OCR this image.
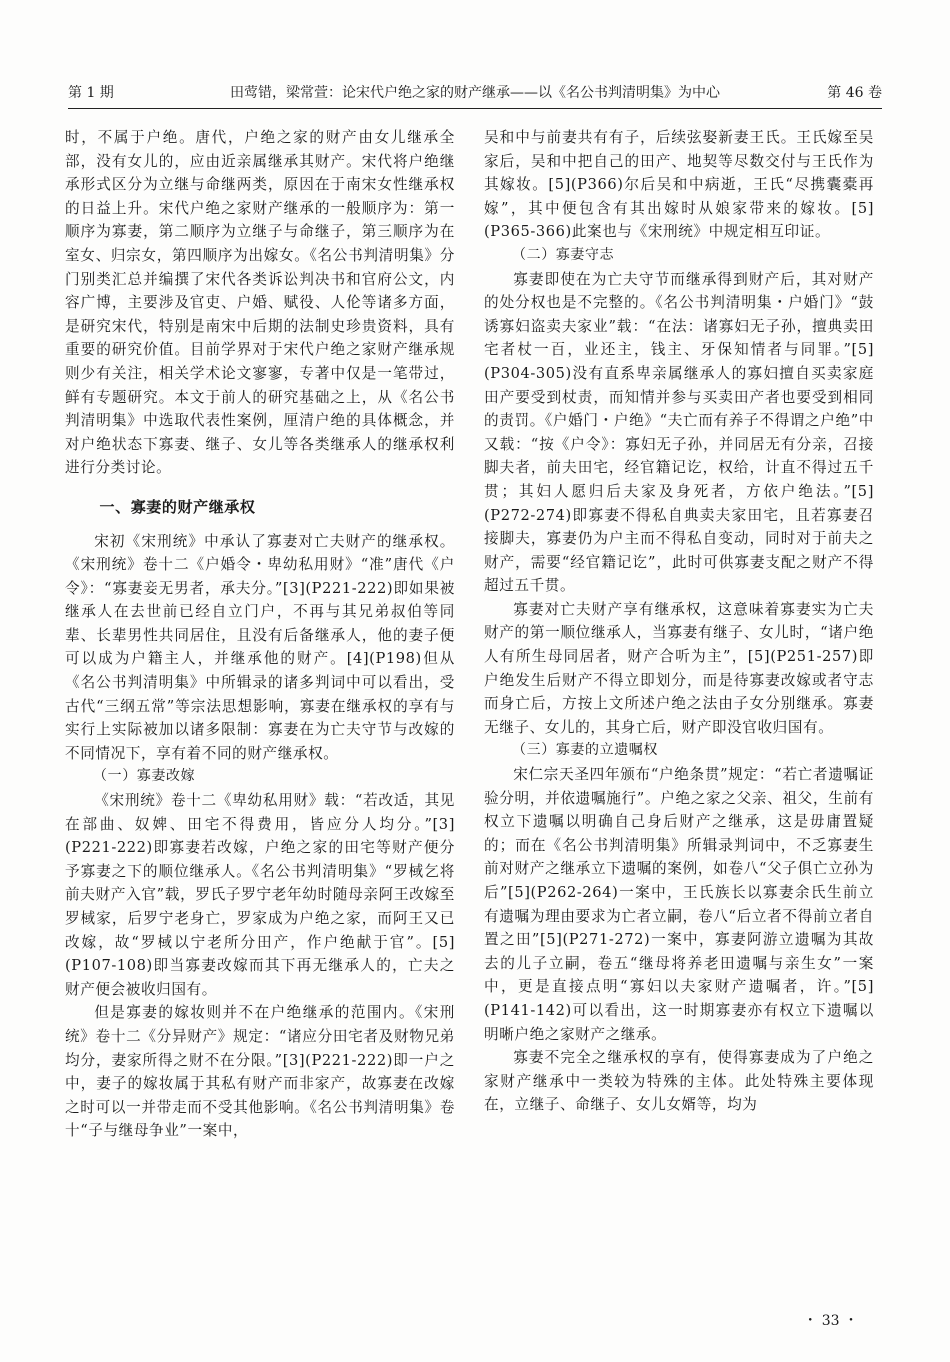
第 1 期	田莺错，梁常萱：论宋代户绝之家的财产继承——以《名公书判清明集》为中心	第 46 卷

时，不属于户绝。唐代，户绝之家的财产由女儿继承全部，没有女儿的，应由近亲属继承其财产。宋代将户绝继承形式区分为立继与命继两类，原因在于南宋女性继承权的日益上升。宋代户绝之家财产继承的一般顺序为：第一顺序为寡妻，第二顺序为立继子与命继子，第三顺序为在室女、归宗女，第四顺序为出嫁女。《名公书判清明集》分门别类汇总并编撰了宋代各类诉讼判决书和官府公文，内容广博，主要涉及官吏、户婚、赋役、人伦等诸多方面，是研究宋代，特别是南宋中后期的法制史珍贵资料，具有重要的研究价值。目前学界对于宋代户绝之家财产继承规则少有关注，相关学术论文寥寥，专著中仅是一笔带过，鲜有专题研究。本文于前人的研究基础之上，从《名公书判清明集》中选取代表性案例，厘清户绝的具体概念，并对户绝状态下寡妻、继子、女儿等各类继承人的继承权利进行分类讨论。

一、寡妻的财产继承权

宋初《宋刑统》中承认了寡妻对亡夫财产的继承权。《宋刑统》卷十二《户婚令・卑幼私用财》“准”唐代《户令》：“寡妻妾无男者，承夫分。”[3](P221-222)即如果被继承人在去世前已经自立门户，不再与其兄弟叔伯等同辈、长辈男性共同居住，且没有后备继承人，他的妻子便可以成为户籍主人，并继承他的财产。[4](P198)但从《名公书判清明集》中所辑录的诸多判词中可以看出，受古代“三纲五常”等宗法思想影响，寡妻在继承权的享有与实行上实际被加以诸多限制：寡妻在为亡夫守节与改嫁的不同情况下，享有着不同的财产继承权。

（一）寡妻改嫁

《宋刑统》卷十二《卑幼私用财》载：“若改适，其见在部曲、奴婢、田宅不得费用，皆应分人均分。”[3](P221-222)即寡妻若改嫁，户绝之家的田宅等财产便分予寡妻之下的顺位继承人。《名公书判清明集》“罗棫乞将前夫财产入官”载，罗氏子罗宁老年幼时随母亲阿王改嫁至罗棫家，后罗宁老身亡，罗家成为户绝之家，而阿王又已改嫁，故“罗棫以宁老所分田产，作户绝献于官”。[5](P107-108)即当寡妻改嫁而其下再无继承人的，亡夫之财产便会被收归国有。

但是寡妻的嫁妆则并不在户绝继承的范围内。《宋刑统》卷十二《分异财产》规定：“诸应分田宅者及财物兄弟均分，妻家所得之财不在分限。”[3](P221-222)即一户之中，妻子的嫁妆属于其私有财产而非家产，故寡妻在改嫁之时可以一并带走而不受其他影响。《名公书判清明集》卷十“子与继母争业”一案中，

吴和中与前妻共有有子，后续弦娶新妻王氏。王氏嫁至吴家后，吴和中把自己的田产、地契等尽数交付与王氏作为其嫁妆。[5](P366)尔后吴和中病逝，王氏“尽携囊橐再嫁”，其中便包含有其出嫁时从娘家带来的嫁妆。[5](P365-366)此案也与《宋刑统》中规定相互印证。

（二）寡妻守志

寡妻即使在为亡夫守节而继承得到财产后，其对财产的处分权也是不完整的。《名公书判清明集・户婚门》“鼓诱寡妇盗卖夫家业”载：“在法：诸寡妇无子孙，擅典卖田宅者杖一百，业还主，钱主、牙保知情者与同罪。”[5](P304-305)没有直系卑亲属继承人的寡妇擅自买卖家庭田产要受到杖责，而知情并参与买卖田产者也要受到相同的责罚。《户婚门・户绝》“夫亡而有养子不得谓之户绝”中又载：“按《户令》：寡妇无子孙，并同居无有分亲，召接脚夫者，前夫田宅，经官籍记讫，权给，计直不得过五千贯；其妇人愿归后夫家及身死者，方依户绝法。”[5](P272-274)即寡妻不得私自典卖夫家田宅，且若寡妻召接脚夫，寡妻仍为户主而不得私自变动，同时对于前夫之财产，需要“经官籍记讫”，此时可供寡妻支配之财产不得超过五千贯。

寡妻对亡夫财产享有继承权，这意味着寡妻实为亡夫财产的第一顺位继承人，当寡妻有继子、女儿时，“诸户绝人有所生母同居者，财产合听为主”，[5](P251-257)即户绝发生后财产不得立即划分，而是待寡妻改嫁或者守志而身亡后，方按上文所述户绝之法由子女分别继承。寡妻无继子、女儿的，其身亡后，财产即没官收归国有。

（三）寡妻的立遗嘱权

宋仁宗天圣四年颁布“户绝条贯”规定：“若亡者遗嘱证验分明，并依遗嘱施行”。户绝之家之父亲、祖父，生前有权立下遗嘱以明确自己身后财产之继承，这是毋庸置疑的；而在《名公书判清明集》所辑录判词中，不乏寡妻生前对财产之继承立下遗嘱的案例，如卷八“父子俱亡立孙为后”[5](P262-264)一案中，王氏族长以寡妻余氏生前立有遗嘱为理由要求为亡者立嗣，卷八“后立者不得前立者自置之田”[5](P271-272)一案中，寡妻阿游立遗嘱为其故去的儿子立嗣，卷五“继母将养老田遗嘱与亲生女”一案中，更是直接点明“寡妇以夫家财产遗嘱者，许。”[5](P141-142)可以看出，这一时期寡妻亦有权立下遗嘱以明晰户绝之家财产之继承。

寡妻不完全之继承权的享有，使得寡妻成为了户绝之家财产继承中一类较为特殊的主体。此处特殊主要体现在，立继子、命继子、女儿女婿等，均为

・ 33 ・
